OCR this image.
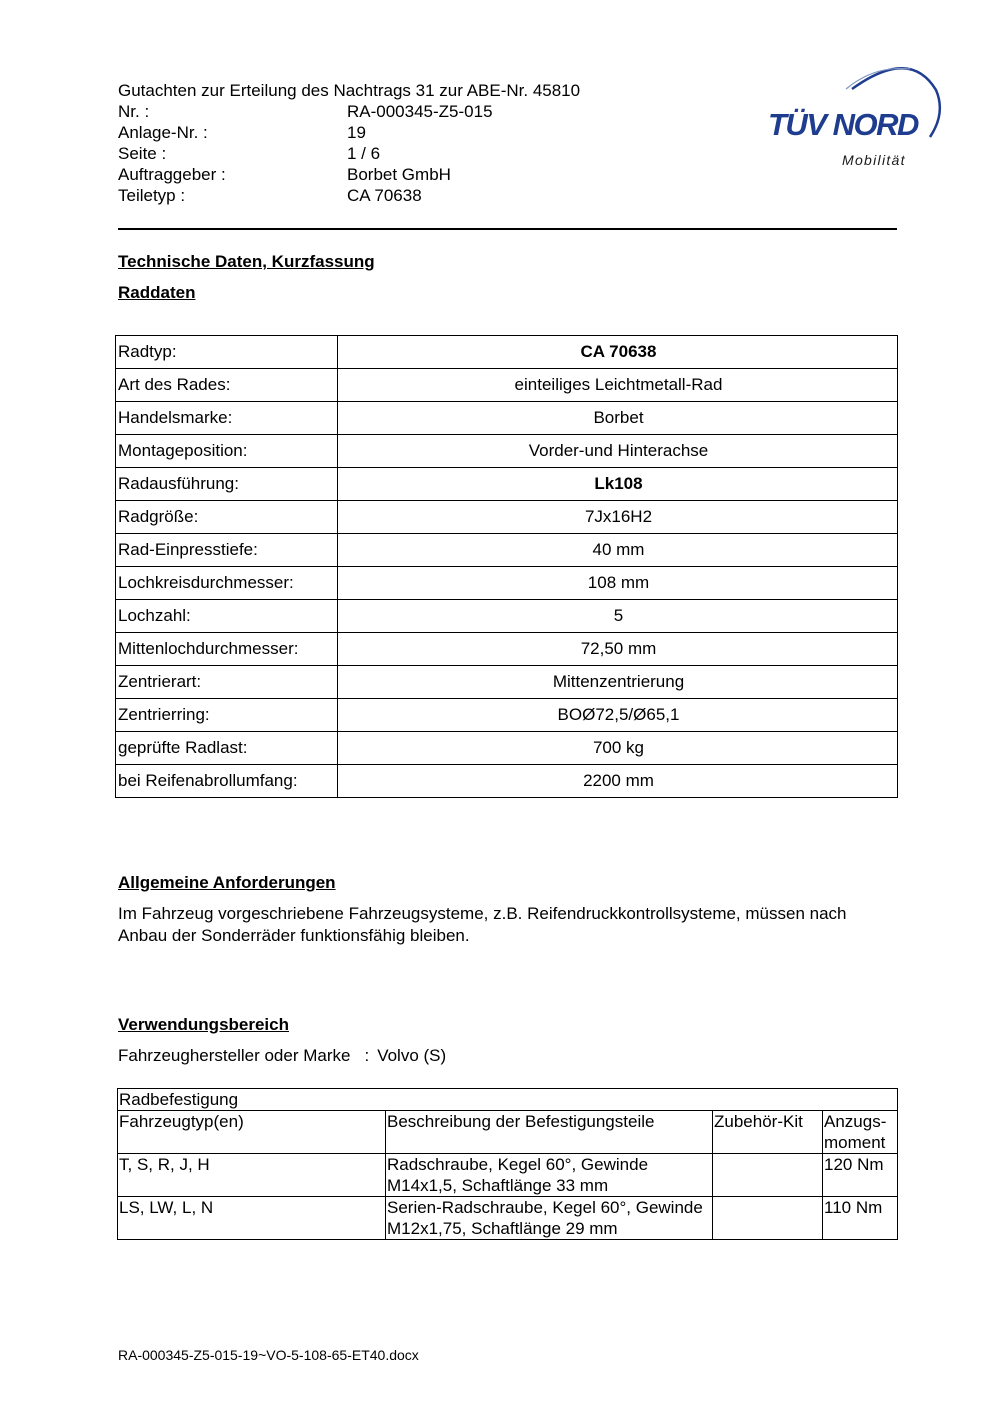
Gutachten zur Erteilung des Nachtrags 31 zur ABE-Nr. 45810
Nr. :	RA-000345-Z5-015
Anlage-Nr. :	19
Seite :	1 / 6
Auftraggeber :	Borbet GmbH
Teiletyp :	CA 70638
TÜV NORD
Mobilität
Technische Daten, Kurzfassung
Raddaten
Radtyp:	CA 70638
Art des Rades:	einteiliges Leichtmetall-Rad
Handelsmarke:	Borbet
Montageposition:	Vorder-und Hinterachse
Radausführung:	Lk108
Radgröße:	7Jx16H2
Rad-Einpresstiefe:	40 mm
Lochkreisdurchmesser:	108 mm
Lochzahl:	5
Mittenlochdurchmesser:	72,50 mm
Zentrierart:	Mittenzentrierung
Zentrierring:	BOØ72,5/Ø65,1
geprüfte Radlast:	700 kg
bei Reifenabrollumfang:	2200 mm
Allgemeine Anforderungen
Im Fahrzeug vorgeschriebene Fahrzeugsysteme, z.B. Reifendruckkontrollsysteme, müssen nach Anbau der Sonderräder funktionsfähig bleiben.
Verwendungsbereich
Fahrzeughersteller oder Marke : Volvo (S)
Radbefestigung			
Fahrzeugtyp(en)	Beschreibung der Befestigungsteile	Zubehör-Kit	Anzugs-moment
T, S, R, J, H	Radschraube, Kegel 60°, Gewinde M14x1,5, Schaftlänge 33 mm		120 Nm
LS, LW, L, N	Serien-Radschraube, Kegel 60°, Gewinde M12x1,75, Schaftlänge 29 mm		110 Nm
RA-000345-Z5-015-19~VO-5-108-65-ET40.docx
